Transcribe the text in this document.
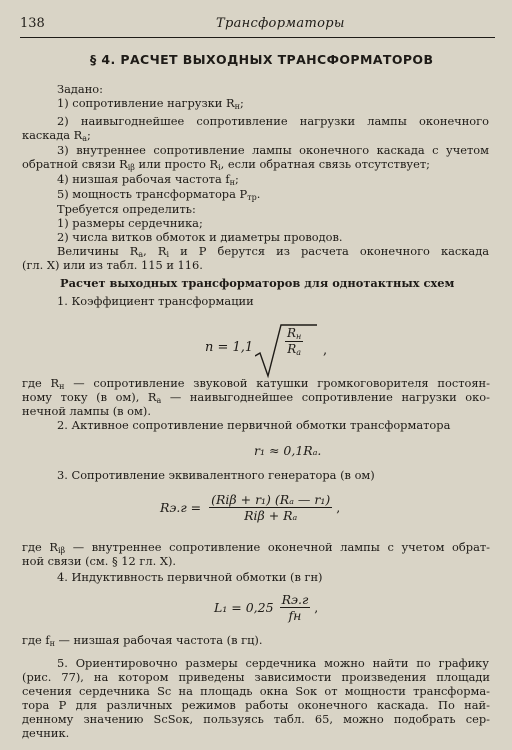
138	Трансформаторы
§ 4. РАСЧЕТ ВЫХОДНЫХ ТРАНСФОРМАТОРОВ
Задано:
1) сопротивление нагрузки $R_н$;
2) наивыгоднейшее сопротивление нагрузки лампы оконечного
каскада $R_a$;
3) внутреннее сопротивление лампы оконечного каскада с учетом
обратной связи $R_{i\beta}$ или просто $R_i$, если обратная связь отсутствует;
4) низшая рабочая частота $f_н$;
5) мощность трансформатора $P_{тр}$.
Требуется определить:
1) размеры сердечника;
2) числа витков обмоток и диаметры проводов.
Величины $R_a$, $R_i$ и P берутся из расчета оконечного каскада
(гл. X) или из табл. 115 и 116.
Расчет выходных трансформаторов для однотактных схем
1. Коэффициент трансформации
n = 1,1
$R_н$
$R_a$ ,
где $R_н$ — сопротивление звуковой катушки громкоговорителя постоян-
ному току (в ом), $R_a$ — наивыгоднейшее сопротивление нагрузки око-
нечной лампы (в ом).
2. Активное сопротивление первичной обмотки трансформатора
r₁ ≈ 0,1Rₐ.
3. Сопротивление эквивалентного генератора (в ом)
$Rэ.г = \frac{\text{(Riβ + r₁) (Rₐ — r₁)}}{\text{Riβ + Rₐ}}$ ,
где $R_{i\beta}$ — внутреннее сопротивление оконечной лампы с учетом обрат-
ной связи (см. § 12 гл. X).
4. Индуктивность первичной обмотки (в гн)
$L_1 = 0,25 \frac{Rэ.г}{fн}$ ,
где $f_н$ — низшая рабочая частота (в гц).
5. Ориентировочно размеры сердечника можно найти по графику
(рис. 77), на котором приведены зависимости произведения площади
сечения сердечника Sс на площадь окна Sок от мощности трансформа-
тора P для различных режимов работы оконечного каскада. По най-
денному значению SсSок, пользуясь табл. 65, можно подобрать сер-
дечник.
